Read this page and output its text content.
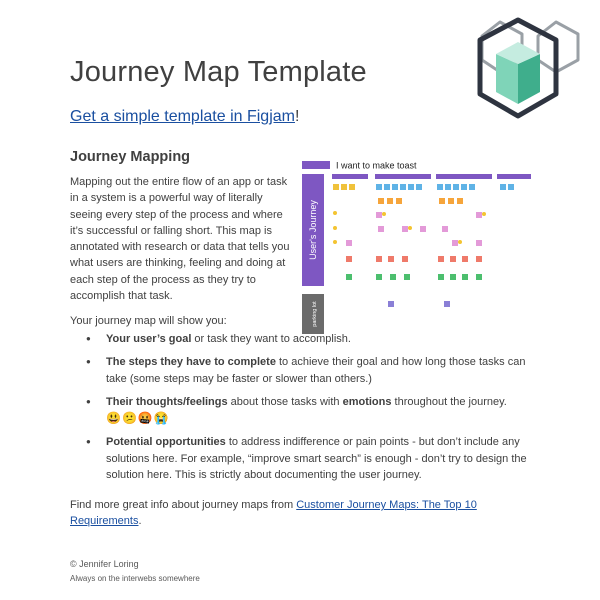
Journey Map Template
Get a simple template in Figjam!
Journey Mapping

Mapping out the entire flow of an app or task in a system is a powerful way of literally seeing every step of the process and where it’s successful or falling short. This map is annotated with research or data that tells you what users are thinking, feeling and doing at each step of the process as they try to accomplish that task.

I want to make toast
User's Journey
parking lot

Your journey map will show you:

● Your user’s goal or task they want to accomplish.
● The steps they have to complete to achieve their goal and how long those tasks can take (some steps may be faster or slower than others.)
● Their thoughts/feelings about those tasks with emotions throughout the journey.
😃😕🤬😭
● Potential opportunities to address indifference or pain points - but don’t include any solutions here. For example, “improve smart search” is enough - don’t try to design the solution here. This is strictly about documenting the user journey.

Find more great info about journey maps from Customer Journey Maps: The Top 10 Requirements.

© Jennifer Loring

Always on the interwebs somewhere
